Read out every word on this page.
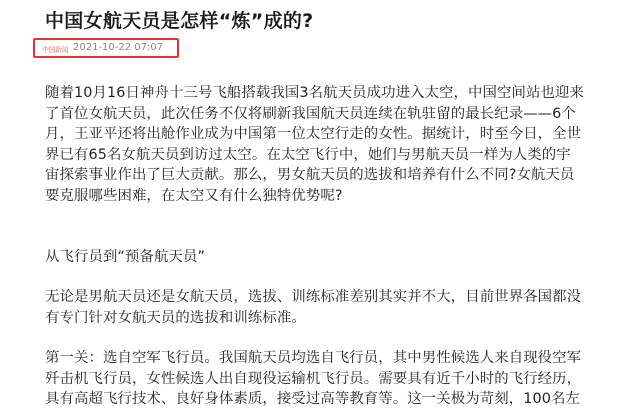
中国女航天员是怎样“炼”成的?
中国新闻 2021-10-22 07:07
随着10月16日神舟十三号飞船搭载我国3名航天员成功进入太空，中国空间站也迎来
了首位女航天员，此次任务不仅将刷新我国航天员连续在轨驻留的最长纪录——6个
月，王亚平还将出舱作业成为中国第一位太空行走的女性。据统计，时至今日，全世
界已有65名女航天员到访过太空。在太空飞行中，她们与男航天员一样为人类的宇
宙探索事业作出了巨大贡献。那么，男女航天员的选拔和培养有什么不同?女航天员
要克服哪些困难，在太空又有什么独特优势呢?
从飞行员到“预备航天员”
无论是男航天员还是女航天员，选拔、训练标准差别其实并不大，目前世界各国都没
有专门针对女航天员的选拔和训练标准。
第一关：选自空军飞行员。我国航天员均选自飞行员，其中男性候选人来自现役空军
歼击机飞行员，女性候选人出自现役运输机飞行员。需要具有近千小时的飞行经历，
具有高超飞行技术、良好身体素质，接受过高等教育等。这一关极为苛刻，100名左
